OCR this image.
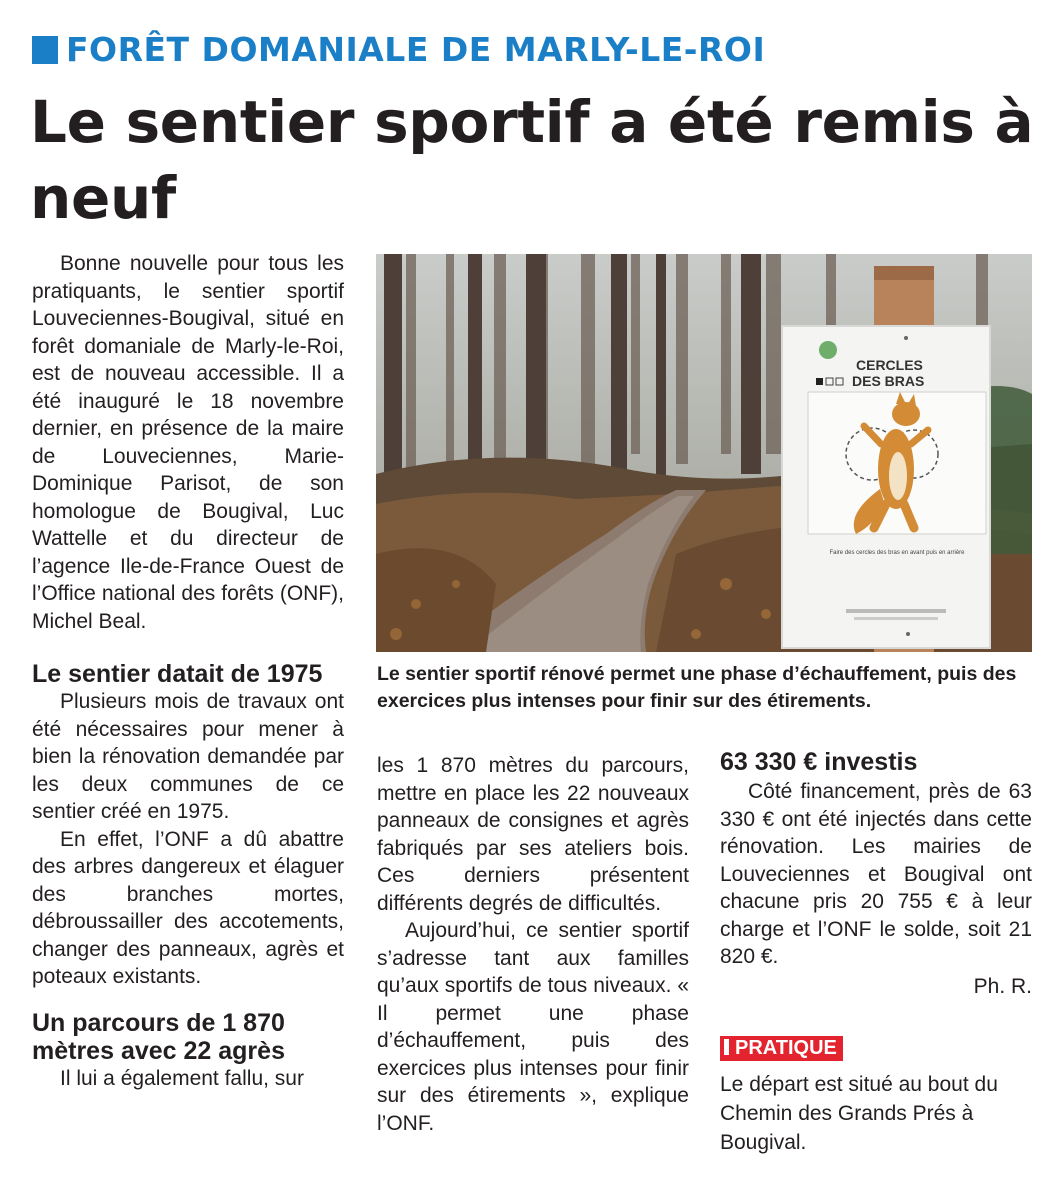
FORÊT DOMANIALE DE MARLY-LE-ROI
Le sentier sportif a été remis à neuf

Bonne nouvelle pour tous les pratiquants, le sentier sportif Louveciennes-Bougival, situé en forêt domaniale de Marly-le-Roi, est de nouveau accessible. Il a été inauguré le 18 novembre dernier, en présence de la maire de Louveciennes, Marie-Dominique Parisot, de son homologue de Bougival, Luc Wattelle et du directeur de l’agence Ile-de-France Ouest de l’Office national des forêts (ONF), Michel Beal.

CERCLES
DES BRAS
Faire des cercles des bras en avant puis en arrière
Le sentier sportif rénové permet une phase d’échauffement, puis des exercices plus intenses pour finir sur des étirements.
Le sentier datait de 1975

Plusieurs mois de travaux ont été nécessaires pour mener à bien la rénovation demandée par les deux communes de ce sentier créé en 1975.

En effet, l’ONF a dû abattre des arbres dangereux et élaguer des branches mortes, débroussailler des accotements, changer des panneaux, agrès et poteaux existants.

Un parcours de 1 870 mètres avec 22 agrès

Il lui a également fallu, sur

les 1 870 mètres du parcours, mettre en place les 22 nouveaux panneaux de consignes et agrès fabriqués par ses ateliers bois. Ces derniers présentent différents degrés de difficultés.

Aujourd’hui, ce sentier sportif s’adresse tant aux familles qu’aux sportifs de tous niveaux. « Il permet une phase d’échauffement, puis des exercices plus intenses pour finir sur des étirements », explique l’ONF.

63 330 € investis

Côté financement, près de 63 330 € ont été injectés dans cette rénovation. Les mairies de Louveciennes et Bougival ont chacune pris 20 755 € à leur charge et l’ONF le solde, soit 21 820 €.

Ph. R.
PRATIQUE

Le départ est situé au bout du Chemin des Grands Prés à Bougival.
